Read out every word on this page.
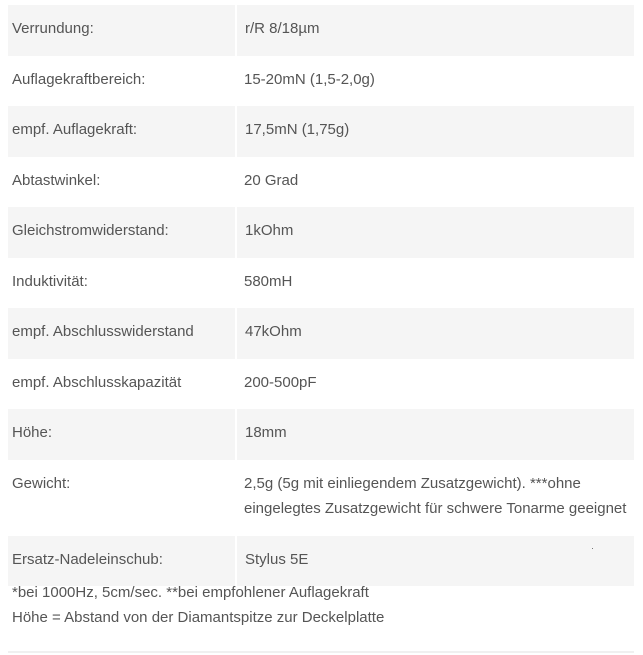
Verrundung:	r/R 8/18µm
Auflagekraftbereich:	15-20mN (1,5-2,0g)
empf. Auflagekraft:	17,5mN (1,75g)
Abtastwinkel:	20 Grad
Gleichstromwiderstand:	1kOhm
Induktivität:	580mH
empf. Abschlusswiderstand	47kOhm
empf. Abschlusskapazität	200-500pF
Höhe:	18mm
Gewicht:	2,5g (5g mit einliegendem Zusatzgewicht). ***ohne eingelegtes Zusatzgewicht für schwere Tonarme geeignet
Ersatz-Nadeleinschub:	Stylus 5E

*bei 1000Hz, 5cm/sec. **bei empfohlener Auflagekraft

Höhe = Abstand von der Diamantspitze zur Deckelplatte
